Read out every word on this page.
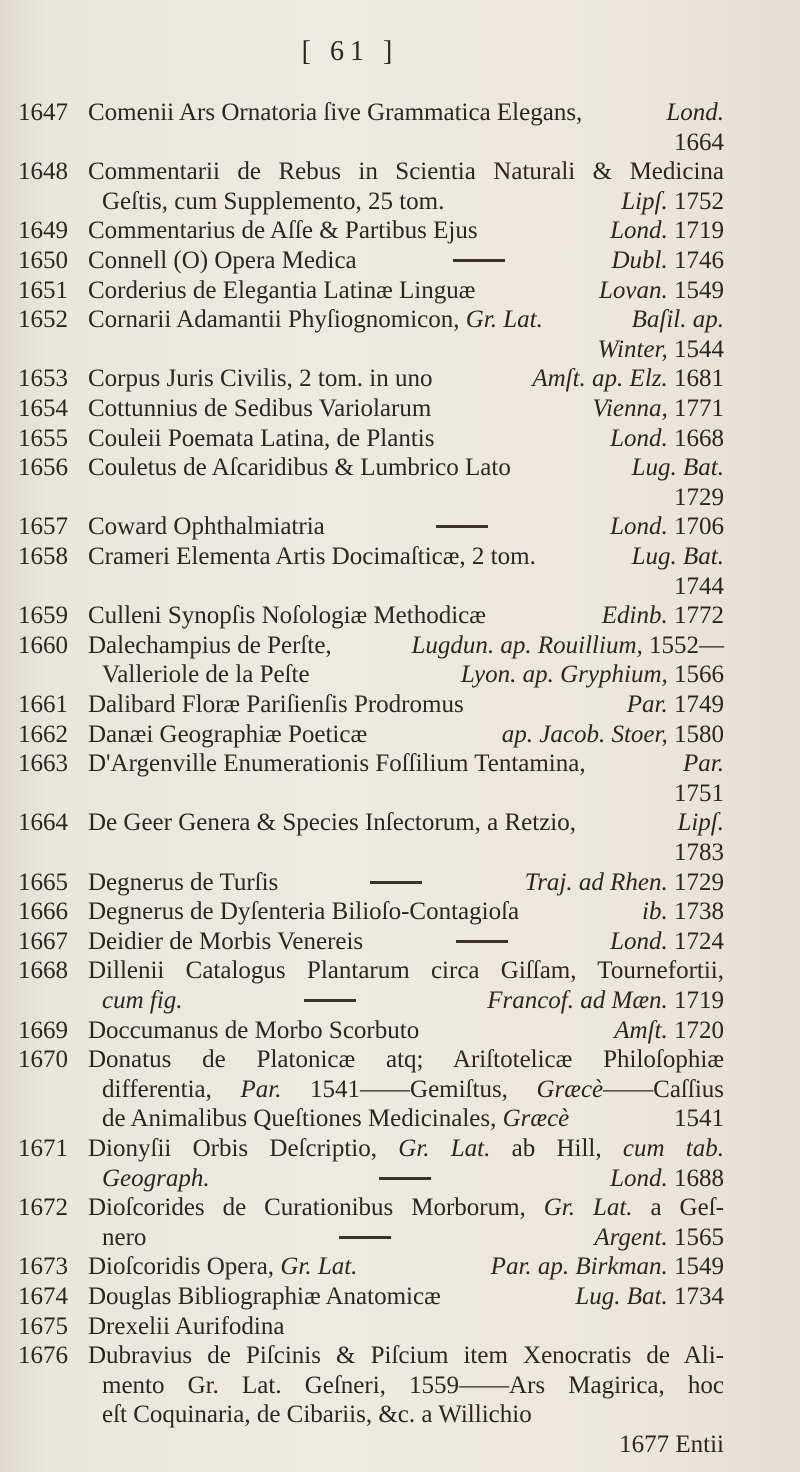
[ 61 ]
1647 Comenii Ars Ornatoria ſive Grammatica Elegans,	Lond.
1664
1648 Commentarii de Rebus in Scientia Naturali & Medicina
Geſtis, cum Supplemento, 25 tom.	Lipſ. 1752
1649 Commentarius de Aſſe & Partibus Ejus	Lond. 1719
1650 Connell (O) Opera Medica	Dubl. 1746
1651 Corderius de Elegantia Latinæ Linguæ	Lovan. 1549
1652 Cornarii Adamantii Phyſiognomicon, Gr. Lat.	Baſil. ap.
Winter, 1544
1653 Corpus Juris Civilis, 2 tom. in uno	Amſt. ap. Elz. 1681
1654 Cottunnius de Sedibus Variolarum	Vienna, 1771
1655 Couleii Poemata Latina, de Plantis	Lond. 1668
1656 Couletus de Aſcaridibus & Lumbrico Lato	Lug. Bat.
1729
1657 Coward Ophthalmiatria	Lond. 1706
1658 Crameri Elementa Artis Docimaſticæ, 2 tom.	Lug. Bat.
1744
1659 Culleni Synopſis Noſologiæ Methodicæ	Edinb. 1772
1660 Dalechampius de Perſte,	Lugdun. ap. Rouillium, 1552—
Valleriole de la Peſte	Lyon. ap. Gryphium, 1566
1661 Dalibard Floræ Pariſienſis Prodromus	Par. 1749
1662 Danæi Geographiæ Poeticæ	ap. Jacob. Stoer, 1580
1663 D'Argenville Enumerationis Foſſilium Tentamina,	Par.
1751
1664 De Geer Genera & Species Inſectorum, a Retzio,	Lipſ.
1783
1665 Degnerus de Turſis	Traj. ad Rhen. 1729
1666 Degnerus de Dyſenteria Bilioſo-Contagioſa	ib. 1738
1667 Deidier de Morbis Venereis	Lond. 1724
1668 Dillenii Catalogus Plantarum circa Giſſam, Tournefortii,
cum fig.	Francof. ad Mæn. 1719
1669 Doccumanus de Morbo Scorbuto	Amſt. 1720
1670 Donatus de Platonicæ atq; Ariſtotelicæ Philoſophiæ
differentia, Par. 1541——Gemiſtus, Græcè——Caſſius
de Animalibus Queſtiones Medicinales, Græcè	1541
1671 Dionyſii Orbis Deſcriptio, Gr. Lat. ab Hill, cum tab.
Geograph.	Lond. 1688
1672 Dioſcorides de Curationibus Morborum, Gr. Lat. a Geſ-
nero	Argent. 1565
1673 Dioſcoridis Opera, Gr. Lat.	Par. ap. Birkman. 1549
1674 Douglas Bibliographiæ Anatomicæ	Lug. Bat. 1734
1675 Drexelii Aurifodina
1676 Dubravius de Piſcinis & Piſcium item Xenocratis de Ali-
mento Gr. Lat. Geſneri, 1559——Ars Magirica, hoc
eſt Coquinaria, de Cibariis, &c. a Willichio
1677 Entii
